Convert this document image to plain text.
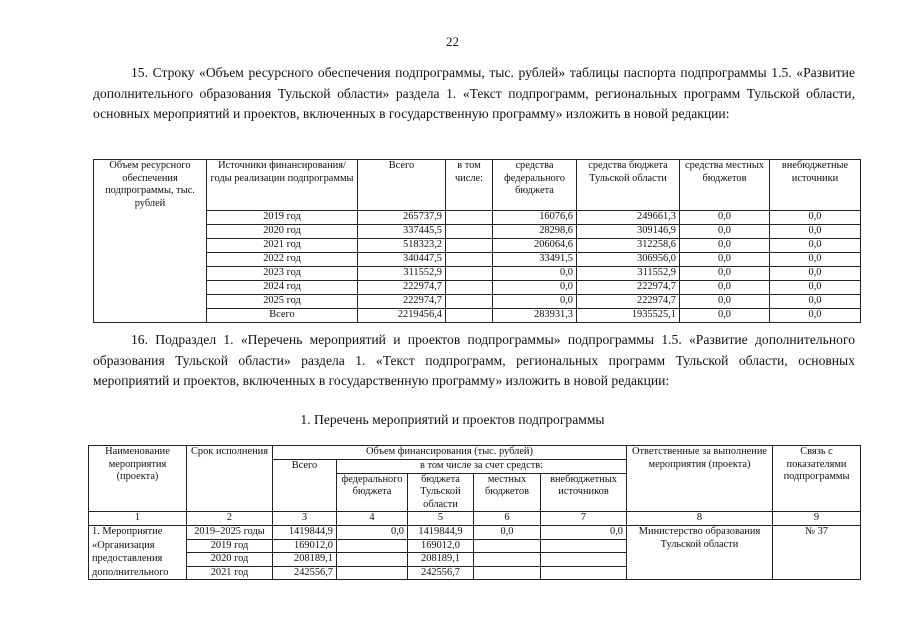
22

15. Строку «Объем ресурсного обеспечения подпрограммы, тыс. рублей» таблицы паспорта подпрограммы 1.5. «Развитие дополнительного образования Тульской области» раздела 1. «Текст подпрограмм, региональных программ Тульской области, основных мероприятий и проектов, включенных в государственную программу» изложить в новой редакции:

Объем ресурсного обеспечения подпрограммы, тыс. рублей	Источники финансирования/годы реализации подпрограммы	Всего	в том числе:	средства федерального бюджета	средства бюджета Тульской области	средства местных бюджетов	внебюджетные источники
	2019 год	265737,9		16076,6	249661,3	0,0	0,0
	2020 год	337445,5		28298,6	309146,9	0,0	0,0
	2021 год	518323,2		206064,6	312258,6	0,0	0,0
	2022 год	340447,5		33491,5	306956,0	0,0	0,0
	2023 год	311552,9		0,0	311552,9	0,0	0,0
	2024 год	222974,7		0,0	222974,7	0,0	0,0
	2025 год	222974,7		0,0	222974,7	0,0	0,0
	Всего	2219456,4		283931,3	1935525,1	0,0	0,0

16. Подраздел 1. «Перечень мероприятий и проектов подпрограммы» подпрограммы 1.5. «Развитие дополнительного образования Тульской области» раздела 1. «Текст подпрограмм, региональных программ Тульской области, основных мероприятий и проектов, включенных в государственную программу» изложить в новой редакции:

1. Перечень мероприятий и проектов подпрограммы
Наименование мероприятия (проекта)	Срок исполнения	Объем финансирования (тыс. рублей)					Ответственные за выполнение мероприятия (проекта)	Связь с показателями подпрограммы
		Всего	в том числе за счет средств:					
			федерального бюджета	бюджета Тульской области	местных бюджетов	внебюджетных источников		
1	2	3	4	5	6	7	8	9
1. Мероприятие	2019–2025 годы	1419844,9	0,0	1419844,9	0,0	0,0	Министерство образования Тульской области	№ 37
«Организация	2019 год	169012,0		169012,0				
предоставления	2020 год	208189,1		208189,1				
дополнительного	2021 год	242556,7		242556,7				
